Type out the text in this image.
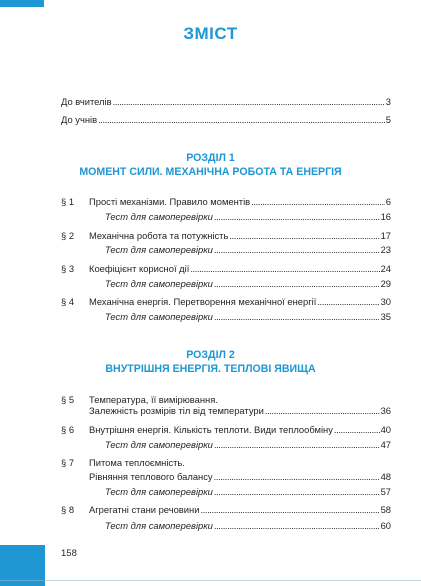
ЗМІСТ
До вчителів . . .	3
До учнів . . .	5
РОЗДІЛ 1
МОМЕНТ СИЛИ. МЕХАНІЧНА РОБОТА ТА ЕНЕРГІЯ
§ 1 Прості механізми. Правило моментів . . .	6
Тест для самоперевірки . . .	16
§ 2 Механічна робота та потужність . . .	17
Тест для самоперевірки . . .	23
§ 3 Коефіцієнт корисної дії . . .	24
Тест для самоперевірки . . .	29
§ 4 Механічна енергія. Перетворення механічної енергії . . .	30
Тест для самоперевірки . . .	35
РОЗДІЛ 2
ВНУТРІШНЯ ЕНЕРГІЯ. ТЕПЛОВІ ЯВИЩА
§ 5 Температура, її вимірювання.
Залежність розмірів тіл від температури . . .	36
§ 6 Внутрішня енергія. Кількість теплоти. Види теплообміну . . .	40
Тест для самоперевірки . . .	47
§ 7 Питома теплоємність.
Рівняння теплового балансу . . .	48
Тест для самоперевірки . . .	57
§ 8 Агрегатні стани речовини . . .	58
Тест для самоперевірки . . .	60
158
